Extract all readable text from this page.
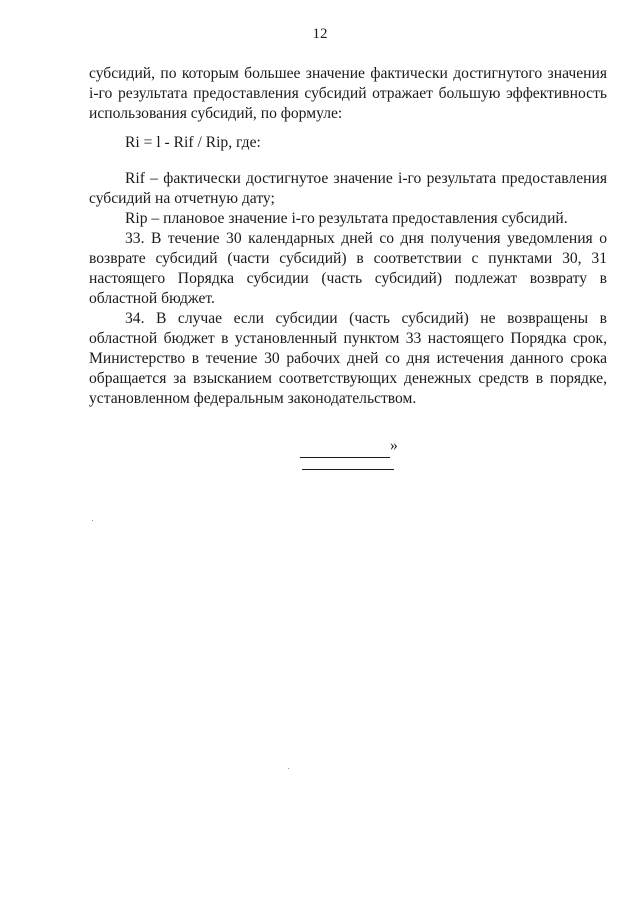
12

субсидий, по которым большее значение фактически достигнутого значения i-го результата предоставления субсидий отражает большую эффективность использования субсидий, по формуле:

Ri = l - Rif / Rip, где:

Rif – фактически достигнутое значение i-го результата предоставления субсидий на отчетную дату;

Rip – плановое значение i-го результата предоставления субсидий.

33. В течение 30 календарных дней со дня получения уведомления о возврате субсидий (части субсидий) в соответствии с пунктами 30, 31 настоящего Порядка субсидии (часть субсидий) подлежат возврату в областной бюджет.

34. В случае если субсидии (часть субсидий) не возвращены в областной бюджет в установленный пунктом 33 настоящего Порядка срок, Министерство в течение 30 рабочих дней со дня истечения данного срока обращается за взысканием соответствующих денежных средств в порядке, установленном федеральным законодательством.

»
